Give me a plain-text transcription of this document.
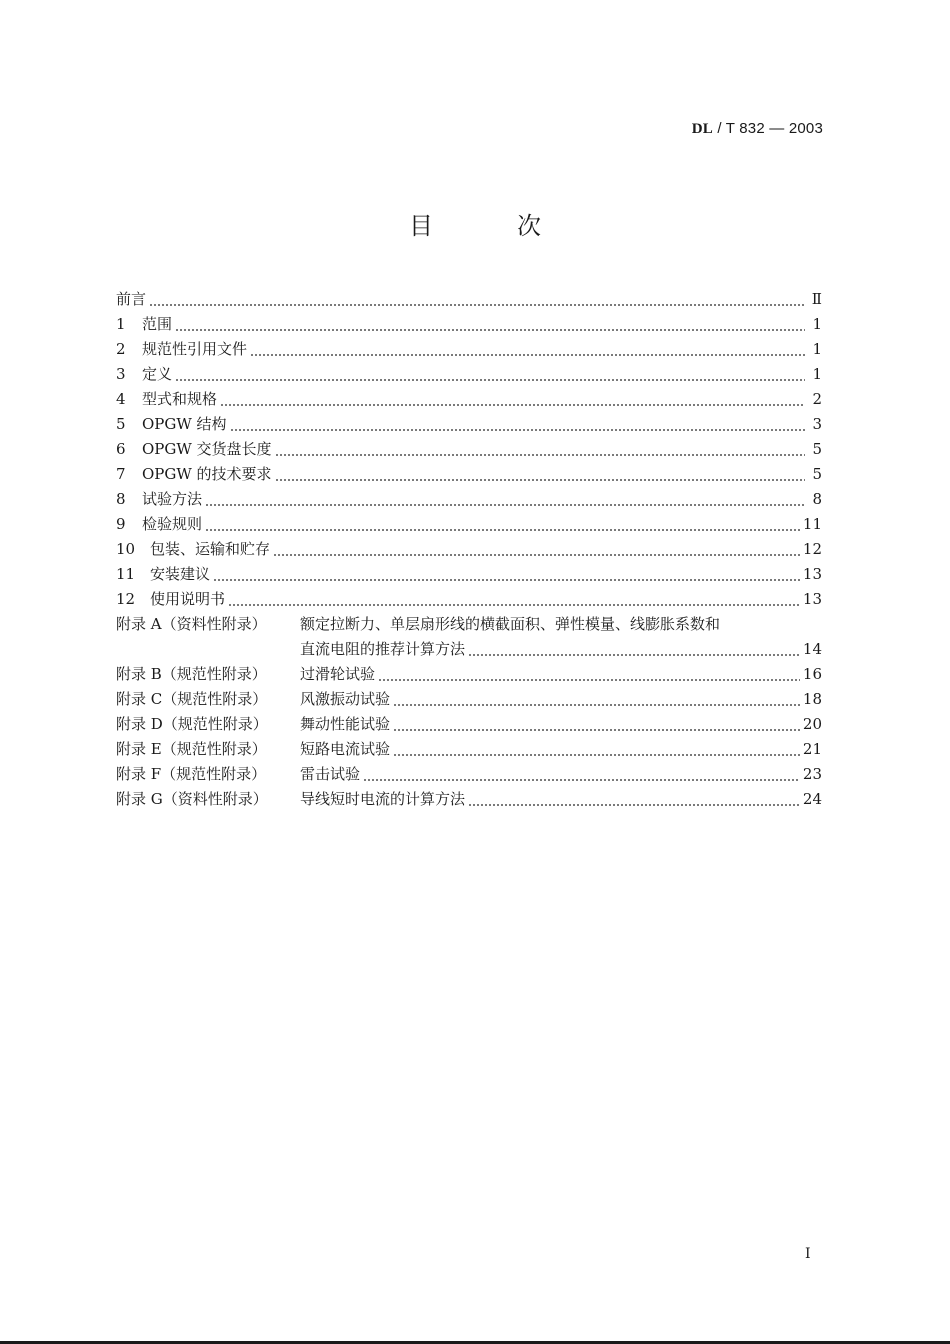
DL / T 832 — 2003
目次
前言	Ⅱ
1	范围	1
2	规范性引用文件	1
3	定义	1
4	型式和规格	2
5	OPGW 结构	3
6	OPGW 交货盘长度	5
7	OPGW 的技术要求	5
8	试验方法	8
9	检验规则	11
10 包装、运输和贮存	12
11 安装建议	13
12 使用说明书	13
附录 A（资料性附录）	额定拉断力、单层扇形线的横截面积、弹性模量、线膨胀系数和
直流电阻的推荐计算方法	14
附录 B（规范性附录）	过滑轮试验	16
附录 C（规范性附录）	风激振动试验	18
附录 D（规范性附录）	舞动性能试验	20
附录 E（规范性附录）	短路电流试验	21
附录 F（规范性附录）	雷击试验	23
附录 G（资料性附录）	导线短时电流的计算方法	24
I
